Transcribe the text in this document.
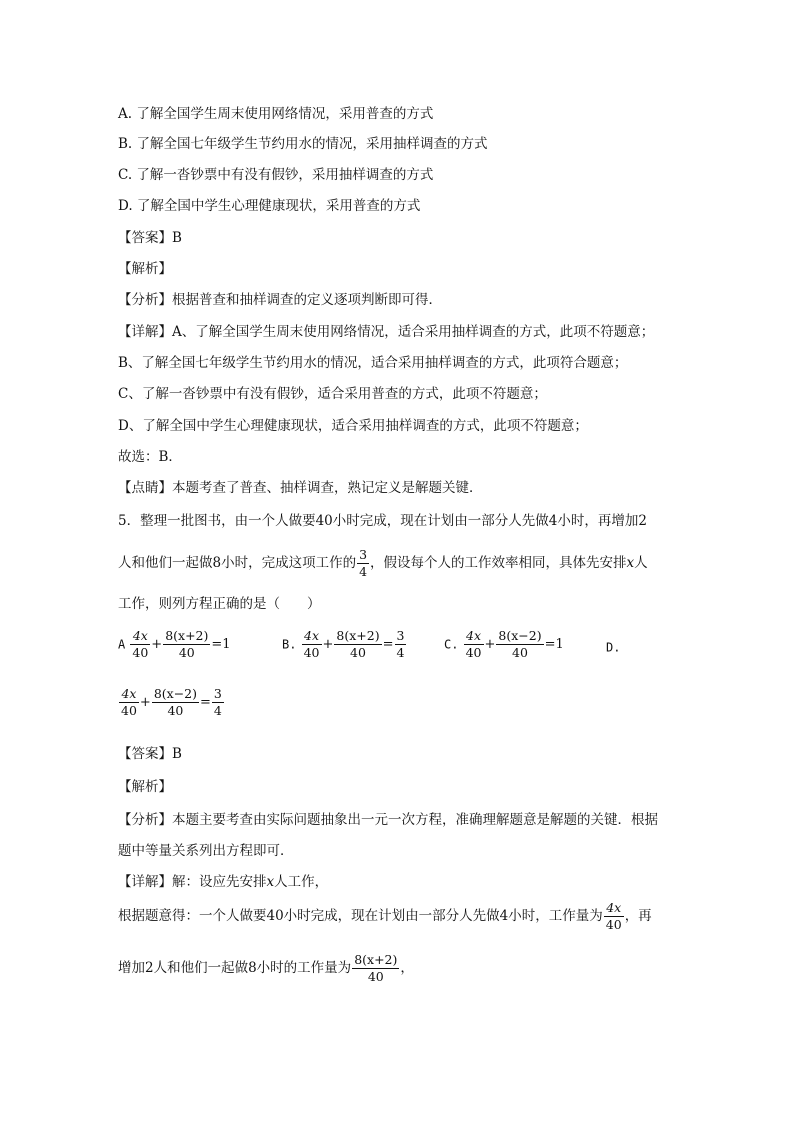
A. 了解全国学生周末使用网络情况，采用普查的方式
B. 了解全国七年级学生节约用水的情况，采用抽样调查的方式
C. 了解一沓钞票中有没有假钞，采用抽样调查的方式
D. 了解全国中学生心理健康现状，采用普查的方式
【答案】B
【解析】
【分析】根据普查和抽样调查的定义逐项判断即可得．
【详解】A、了解全国学生周末使用网络情况，适合采用抽样调查的方式，此项不符题意；
B、了解全国七年级学生节约用水的情况，适合采用抽样调查的方式，此项符合题意；
C、了解一沓钞票中有没有假钞，适合采用普查的方式，此项不符题意；
D、了解全国中学生心理健康现状，适合采用抽样调查的方式，此项不符题意；
故选：B．
【点睛】本题考查了普查、抽样调查，熟记定义是解题关键．
5．整理一批图书，由一个人做要40小时完成，现在计划由一部分人先做4小时，再增加2
人和他们一起做8小时，完成这项工作的 $\frac{3}{4}$ ，假设每个人的工作效率相同，具体先安排x人
工作，则列方程正确的是（　　）
A $\frac{4x}{40} + \frac{8(x+2)}{40} =1$	B. $\frac{4x}{40} + \frac{8(x+2)}{40} = \frac{3}{4}$	C. $\frac{4x}{40} + \frac{8(x-2)}{40} =1$	D.
$\frac{4x}{40} + \frac{8(x-2)}{40} = \frac{3}{4}$
【答案】B
【解析】
【分析】本题主要考查由实际问题抽象出一元一次方程，准确理解题意是解题的关键．根据
题中等量关系列出方程即可．
【详解】解：设应先安排x人工作，
根据题意得：一个人做要40小时完成，现在计划由一部分人先做4小时，工作量为 $\frac{4x}{40}$ ，再
增加2人和他们一起做8小时的工作量为 $\frac{8(x+2)}{40}$ ，
